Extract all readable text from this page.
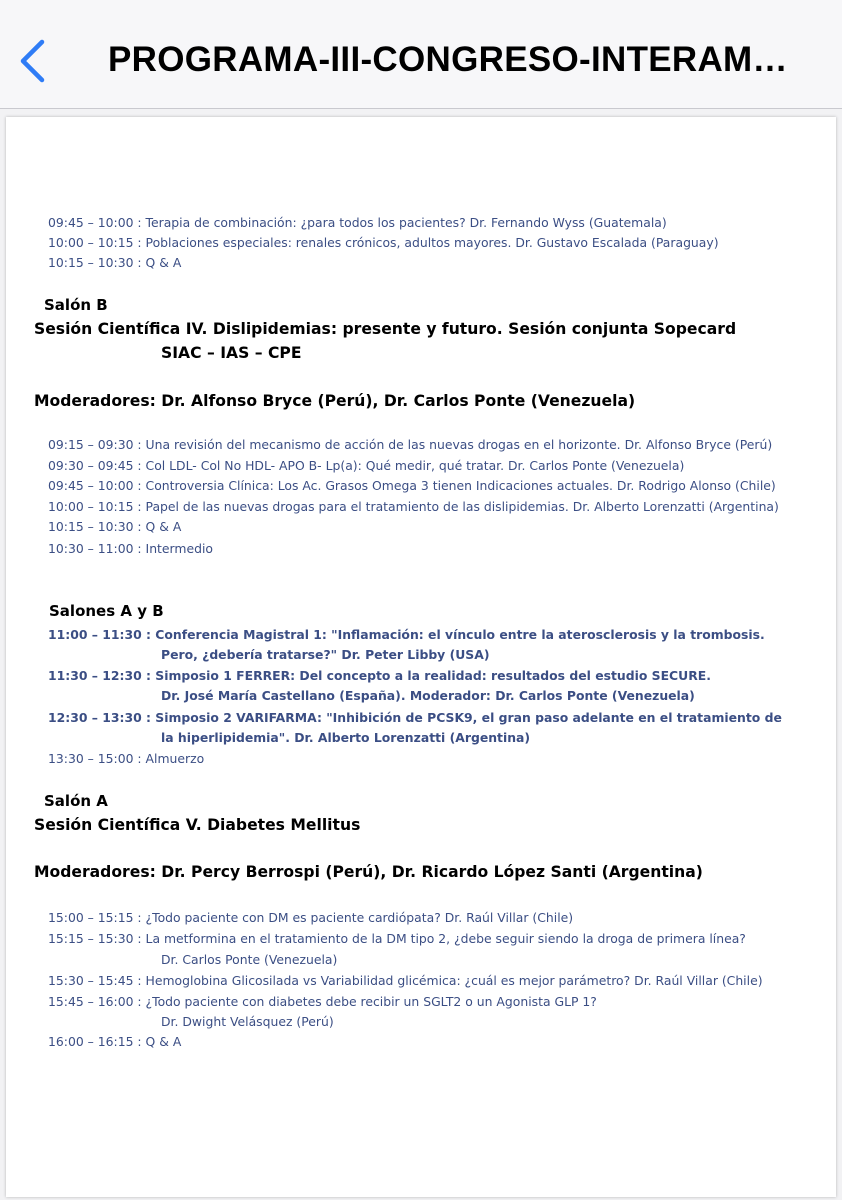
PROGRAMA-III-CONGRESO-INTERAM…
09:45 – 10:00 : Terapia de combinación: ¿para todos los pacientes? Dr. Fernando Wyss (Guatemala)
10:00 – 10:15 : Poblaciones especiales: renales crónicos, adultos mayores. Dr. Gustavo Escalada (Paraguay)
10:15 – 10:30 : Q & A
Salón B
Sesión Científica IV. Dislipidemias: presente y futuro. Sesión conjunta Sopecard
SIAC – IAS – CPE
Moderadores: Dr. Alfonso Bryce (Perú), Dr. Carlos Ponte (Venezuela)
09:15 – 09:30 : Una revisión del mecanismo de acción de las nuevas drogas en el horizonte. Dr. Alfonso Bryce (Perú)
09:30 – 09:45 : Col LDL- Col No HDL- APO B- Lp(a): Qué medir, qué tratar. Dr. Carlos Ponte (Venezuela)
09:45 – 10:00 : Controversia Clínica: Los Ac. Grasos Omega 3 tienen Indicaciones actuales. Dr. Rodrigo Alonso (Chile)
10:00 – 10:15 : Papel de las nuevas drogas para el tratamiento de las dislipidemias. Dr. Alberto Lorenzatti (Argentina)
10:15 – 10:30 : Q & A
10:30 – 11:00 : Intermedio
Salones A y B
11:00 – 11:30 : Conferencia Magistral 1: "Inflamación: el vínculo entre la aterosclerosis y la trombosis.
Pero, ¿debería tratarse?" Dr. Peter Libby (USA)
11:30 – 12:30 : Simposio 1 FERRER: Del concepto a la realidad: resultados del estudio SECURE.
Dr. José María Castellano (España). Moderador: Dr. Carlos Ponte (Venezuela)
12:30 – 13:30 : Simposio 2 VARIFARMA: "Inhibición de PCSK9, el gran paso adelante en el tratamiento de
la hiperlipidemia". Dr. Alberto Lorenzatti (Argentina)
13:30 – 15:00 : Almuerzo
Salón A
Sesión Científica V. Diabetes Mellitus
Moderadores: Dr. Percy Berrospi (Perú), Dr. Ricardo López Santi (Argentina)
15:00 – 15:15 : ¿Todo paciente con DM es paciente cardiópata? Dr. Raúl Villar (Chile)
15:15 – 15:30 : La metformina en el tratamiento de la DM tipo 2, ¿debe seguir siendo la droga de primera línea?
Dr. Carlos Ponte (Venezuela)
15:30 – 15:45 : Hemoglobina Glicosilada vs Variabilidad glicémica: ¿cuál es mejor parámetro? Dr. Raúl Villar (Chile)
15:45 – 16:00 : ¿Todo paciente con diabetes debe recibir un SGLT2 o un Agonista GLP 1?
Dr. Dwight Velásquez (Perú)
16:00 – 16:15 : Q & A
